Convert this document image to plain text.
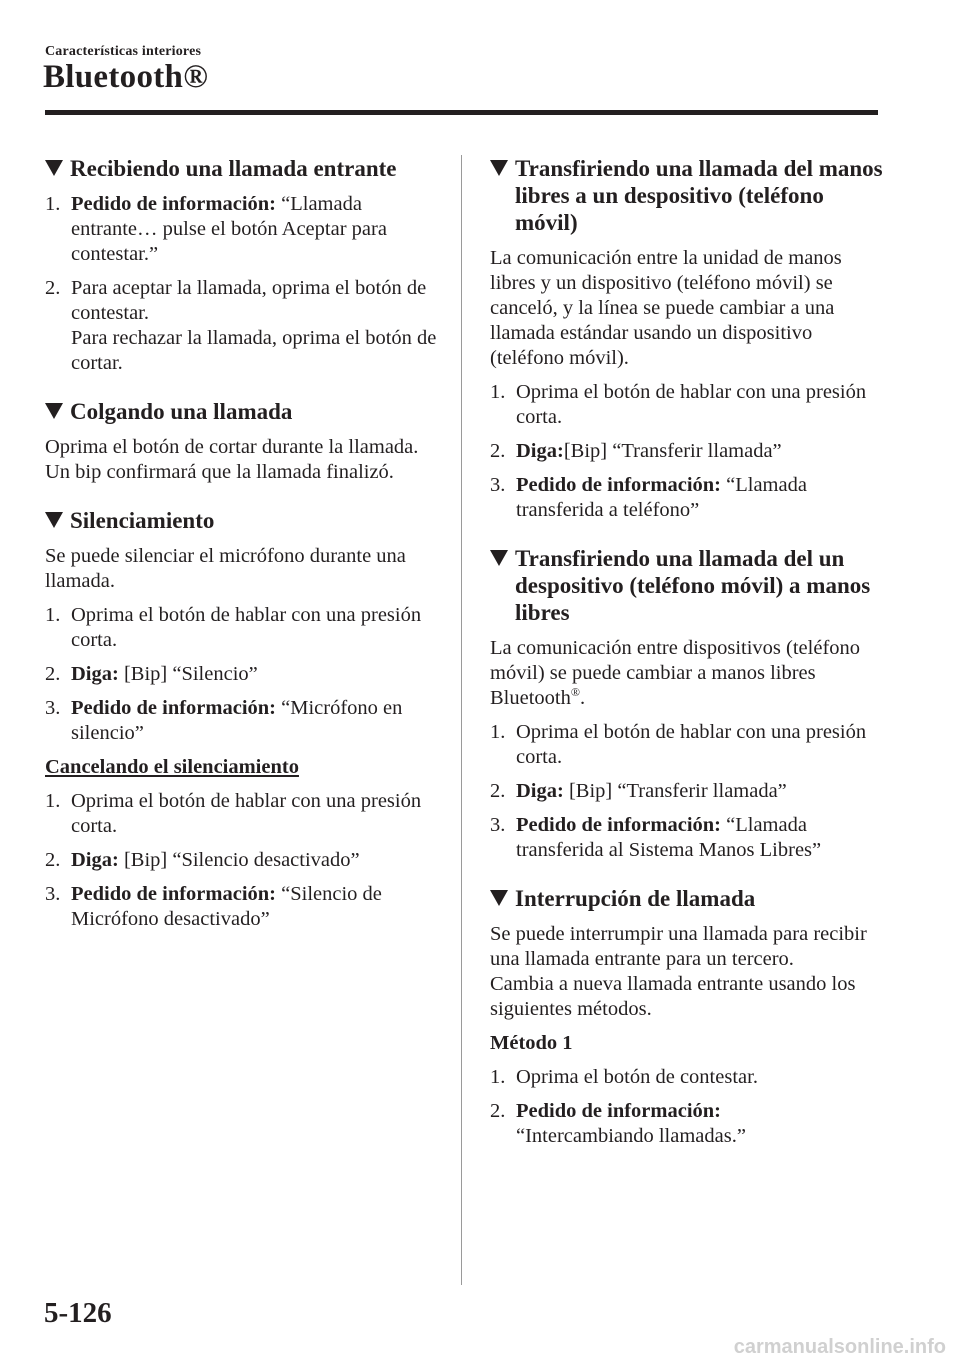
Características interiores
Bluetooth®
Recibiendo una llamada entrante
1. Pedido de información: “Llamada entrante… pulse el botón Aceptar para contestar.”
2. Para aceptar la llamada, oprima el botón de contestar.
Para rechazar la llamada, oprima el botón de cortar.
Colgando una llamada
Oprima el botón de cortar durante la llamada. Un bip confirmará que la llamada finalizó.
Silenciamiento
Se puede silenciar el micrófono durante una llamada.
1. Oprima el botón de hablar con una presión corta.
2. Diga: [Bip] “Silencio”
3. Pedido de información: “Micrófono en silencio”
Cancelando el silenciamiento
1. Oprima el botón de hablar con una presión corta.
2. Diga: [Bip] “Silencio desactivado”
3. Pedido de información: “Silencio de Micrófono desactivado”
Transfiriendo una llamada del manos libres a un despositivo (teléfono móvil)
La comunicación entre la unidad de manos libres y un dispositivo (teléfono móvil) se canceló, y la línea se puede cambiar a una llamada estándar usando un dispositivo (teléfono móvil).
1. Oprima el botón de hablar con una presión corta.
2. Diga:[Bip] “Transferir llamada”
3. Pedido de información: “Llamada transferida a teléfono”
Transfiriendo una llamada del un despositivo (teléfono móvil) a manos libres
La comunicación entre dispositivos (teléfono móvil) se puede cambiar a manos libres Bluetooth®.
1. Oprima el botón de hablar con una presión corta.
2. Diga: [Bip] “Transferir llamada”
3. Pedido de información: “Llamada transferida al Sistema Manos Libres”
Interrupción de llamada
Se puede interrumpir una llamada para recibir una llamada entrante para un tercero.
Cambia a nueva llamada entrante usando los siguientes métodos.
Método 1
1. Oprima el botón de contestar.
2. Pedido de información:
“Intercambiando llamadas.”
5-126
carmanualsonline.info
